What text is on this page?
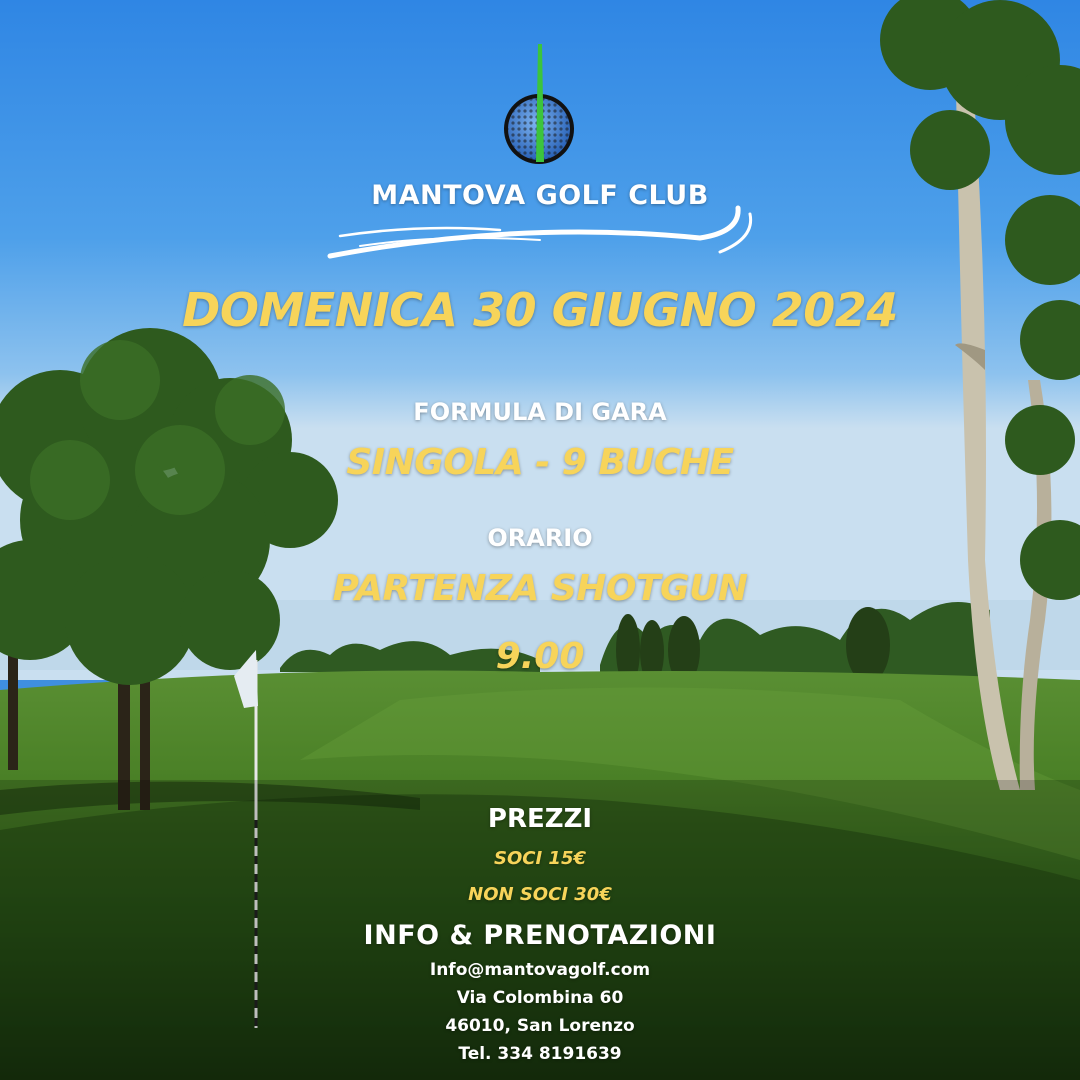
MANTOVA GOLF CLUB
DOMENICA 30 GIUGNO 2024
FORMULA DI GARA
SINGOLA - 9 BUCHE
ORARIO
PARTENZA SHOTGUN
9.00
PREZZI
SOCI 15€
NON SOCI 30€
INFO & PRENOTAZIONI
Info@mantovagolf.com
Via Colombina 60
46010, San Lorenzo
Tel. 334 8191639
